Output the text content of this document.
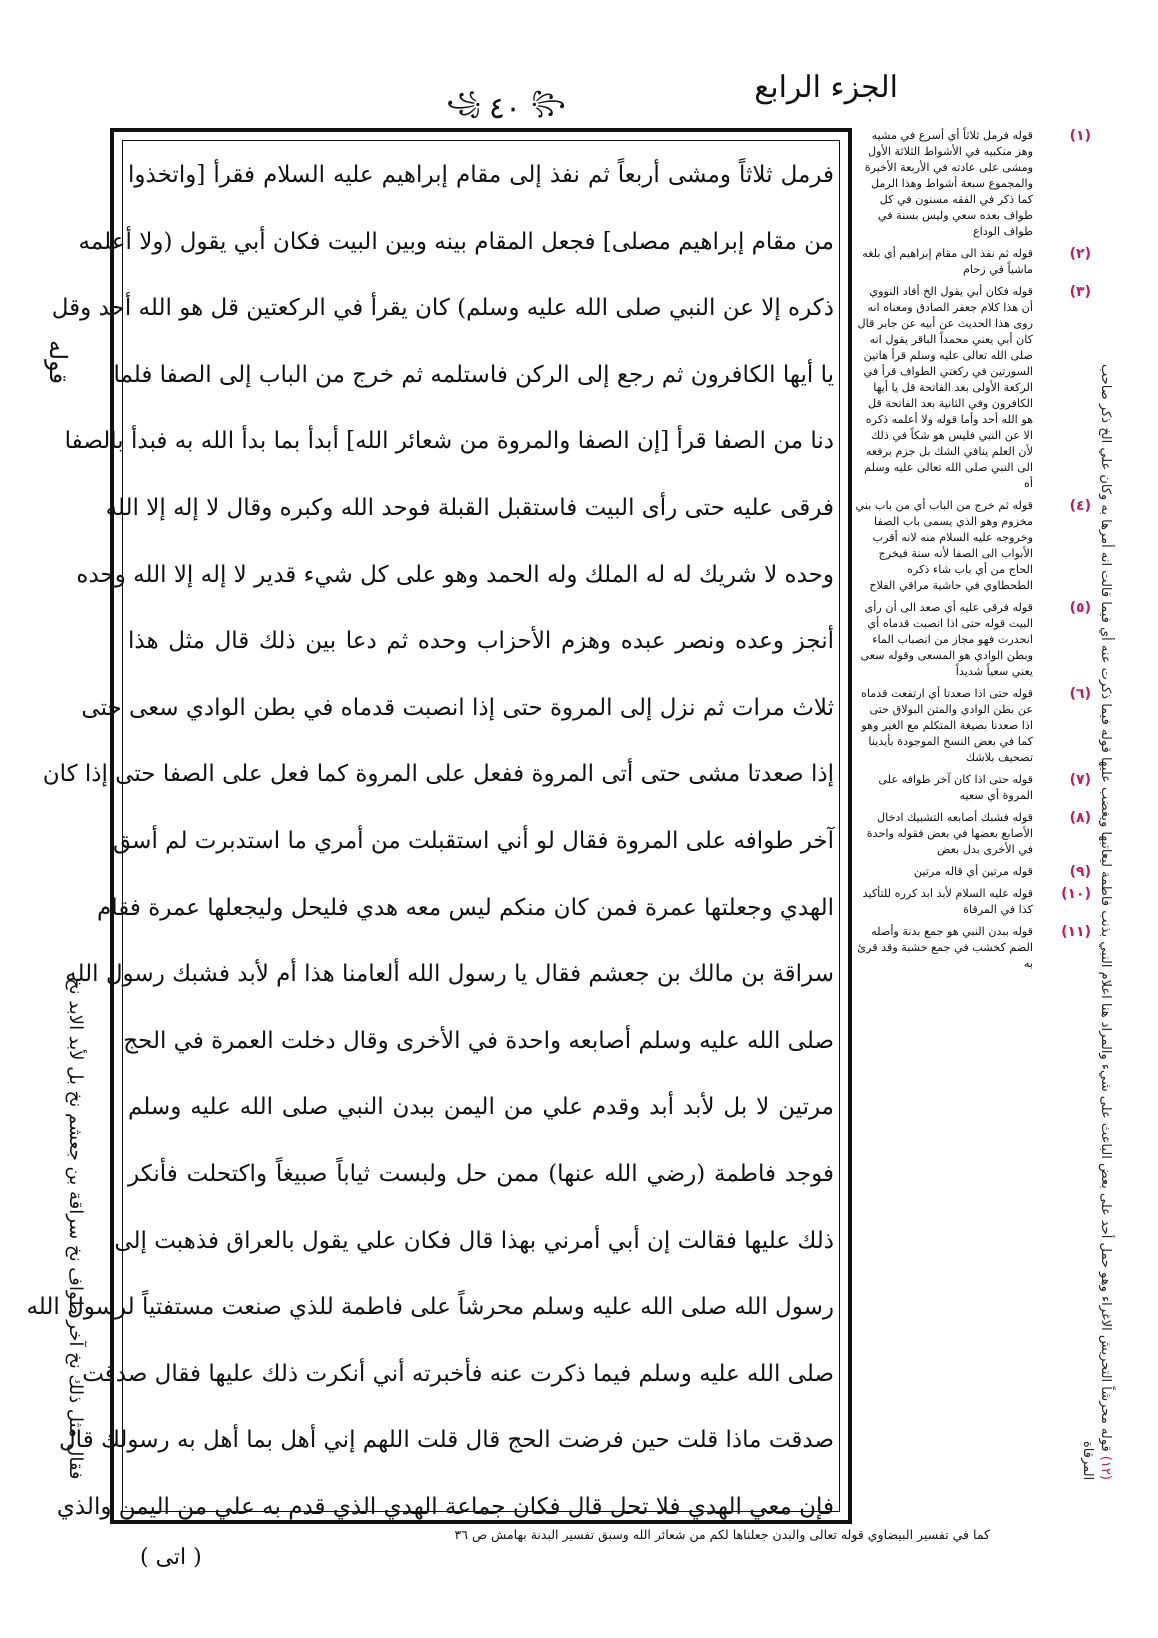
الجزء الرابع
꧁ ٤٠ ꧂
قوله
فقال مثل ذلك نخ آخر طواف نخ سراقة بن جعشم نخ بل لأبد الابد نخ
فرمل ثلاثاً ومشى أربعاً ثم نفذ إلى مقام إبراهيم عليه السلام فقرأ [واتخذوا
من مقام إبراهيم مصلى] فجعل المقام بينه وبين البيت فكان أبي يقول (ولا أعلمه
ذكره إلا عن النبي صلى الله عليه وسلم) كان يقرأ في الركعتين قل هو الله أحد وقل
يا أيها الكافرون ثم رجع إلى الركن فاستلمه ثم خرج من الباب إلى الصفا فلما
دنا من الصفا قرأ [إن الصفا والمروة من شعائر الله] أبدأ بما بدأ الله به فبدأ بالصفا
فرقى عليه حتى رأى البيت فاستقبل القبلة فوحد الله وكبره وقال لا إله إلا الله
وحده لا شريك له له الملك وله الحمد وهو على كل شيء قدير لا إله إلا الله وحده
أنجز وعده ونصر عبده وهزم الأحزاب وحده ثم دعا بين ذلك قال مثل هذا
ثلاث مرات ثم نزل إلى المروة حتى إذا انصبت قدماه في بطن الوادي سعى حتى
إذا صعدتا مشى حتى أتى المروة ففعل على المروة كما فعل على الصفا حتى إذا كان
آخر طوافه على المروة فقال لو أني استقبلت من أمري ما استدبرت لم أسق
الهدي وجعلتها عمرة فمن كان منكم ليس معه هدي فليحل وليجعلها عمرة فقام
سراقة بن مالك بن جعشم فقال يا رسول الله ألعامنا هذا أم لأبد فشبك رسول الله
صلى الله عليه وسلم أصابعه واحدة في الأخرى وقال دخلت العمرة في الحج
مرتين لا بل لأبد أبد وقدم علي من اليمن ببدن النبي صلى الله عليه وسلم
فوجد فاطمة (رضي الله عنها) ممن حل ولبست ثياباً صبيغاً واكتحلت فأنكر
ذلك عليها فقالت إن أبي أمرني بهذا قال فكان علي يقول بالعراق فذهبت إلى
رسول الله صلى الله عليه وسلم محرشاً على فاطمة للذي صنعت مستفتياً لرسول الله
صلى الله عليه وسلم فيما ذكرت عنه فأخبرته أني أنكرت ذلك عليها فقال صدقت
صدقت ماذا قلت حين فرضت الحج قال قلت اللهم إني أهل بما أهل به رسولك قال
فإن معي الهدي فلا تحل قال فكان جماعة الهدي الذي قدم به علي من اليمن والذي
(١)
قوله فرمل ثلاثاً أي أسرع في مشيه وهز منكبيه في الأشواط الثلاثة الأول ومشى على عادته في الأربعة الأخيرة والمجموع سبعة أشواط وهذا الرمل كما ذكر في الفقه مسنون في كل طواف بعده سعي وليس بسنة في طواف الوداع
(٢)
قوله ثم نفذ الى مقام إبراهيم أي بلغه ماشياً في زحام
(٣)
قوله فكان أبي يقول الخ أفاد النووي أن هذا كلام جعفر الصادق ومعناه انه روى هذا الحديث عن أبيه عن جابر قال كان أبي يعني محمداً الباقر يقول انه صلى الله تعالى عليه وسلم قرأ هاتين السورتين في ركعتي الطواف قرأ في الركعة الأولى بعد الفاتحة قل يا أيها الكافرون وفي الثانية بعد الفاتحة قل هو الله أحد وأما قوله ولا أعلمه ذكره الا عن النبي فليس هو شكاً في ذلك لأن العلم ينافي الشك بل جزم برفعه الى النبي صلى الله تعالى عليه وسلم أه
(٤)
قوله ثم خرج من الباب أي من باب بني مخزوم وهو الذي يسمى باب الصفا وخروجه عليه السلام منه لانه أقرب الأبواب الى الصفا لأنه سنة فيخرج الحاج من أي باب شاء ذكره الطحطاوي في حاشية مراقي الفلاح
(٥)
قوله فرقى عليه أي صعد الى أن رأى البيت قوله حتى اذا انصبت قدماه أي انحدرت فهو مجاز من انصباب الماء وبطن الوادي هو المسعى وقوله سعى يعني سعياً شديداً
(٦)
قوله حتى اذا صعدتا أي ارتفعت قدماه عن بطن الوادي والمتن البولاق حتى اذا صعدنا بصيغة المتكلم مع الغير وهو كما في بعض النسخ الموجودة بأيدينا تصحيف بلاشك
(٧)
قوله حتى اذا كان آخر طوافه على المروة أي سعيه
(٨)
قوله فشبك أصابعه التشبيك ادخال الأصابع بعضها في بعض فقوله واحدة في الأخرى بدل بعض
(٩)
قوله مرتين أي قاله مرتين
(١٠)
قوله عليه السلام لأبد ابد كرره للتأكيد كذا في المرقاة
(١١)
قوله ببدن النبي هو جمع بدنة وأصله الضم كخشب في جمع خشبة وقد قرئ به
(١٢) قوله محرشاً التحريش الاغراء وهو حمل أحد على بعض الباعث على شيء والمراد هنا اعلام النبي بذنب فاطمة ليعاتبها ويغضب عليها قوله فيما ذكرت عنه أي فيما قالت انه أمرها به وكان علي الخ ذكر صاحب المرقاة
كما في تفسير البيضاوي قوله تعالى والبدن جعلناها لكم من شعائر الله وسبق تفسير البدنة بهامش ص ٣٦
( اتى )
